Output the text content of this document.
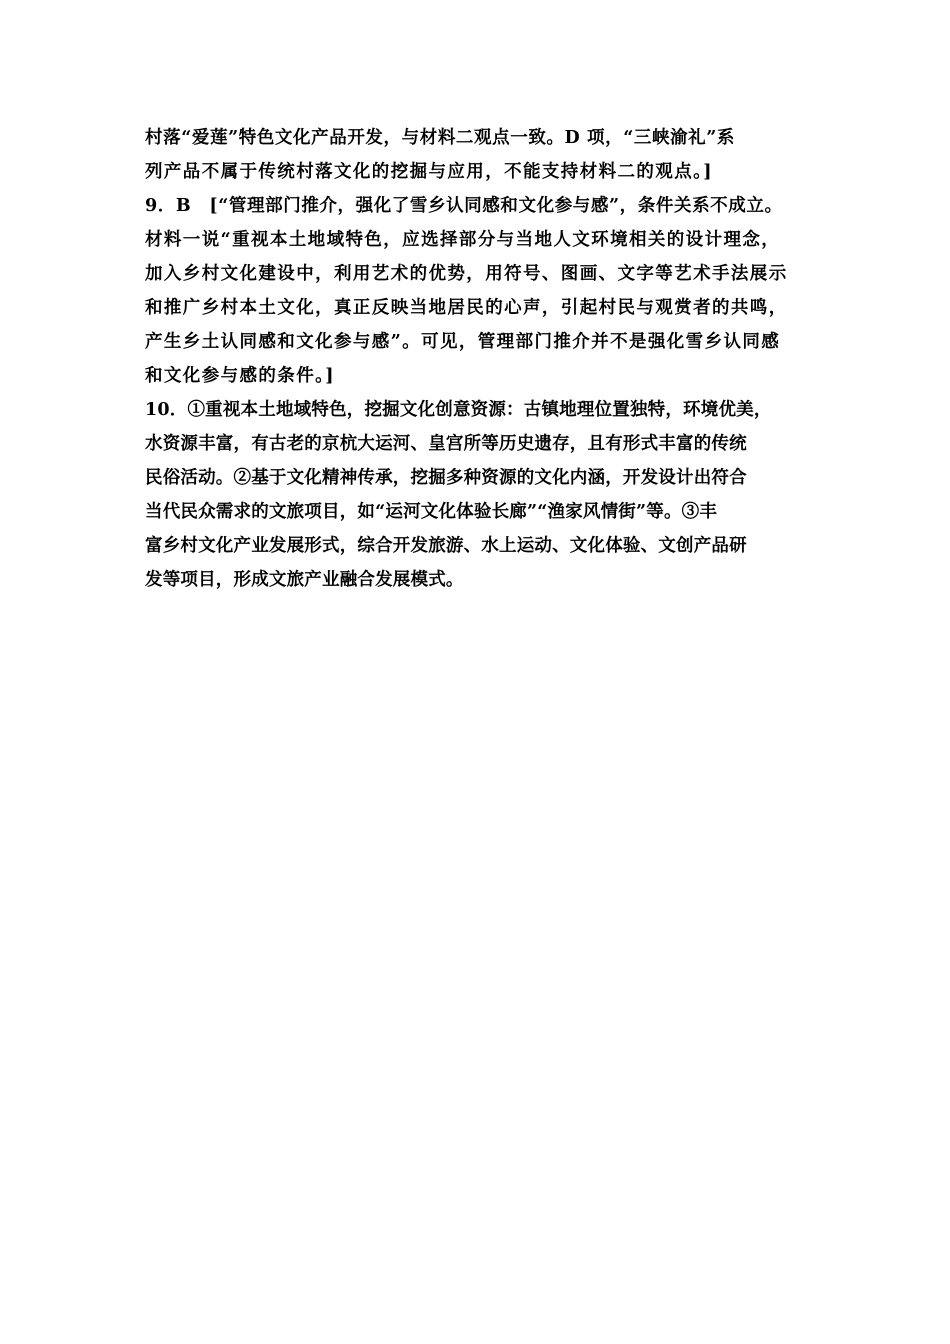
村落“爱莲”特色文化产品开发，与材料二观点一致。D 项，“三峡渝礼”系
列产品不属于传统村落文化的挖掘与应用，不能支持材料二的观点。]
9．B　[“管理部门推介，强化了雪乡认同感和文化参与感”，条件关系不成立。
材料一说“重视本土地域特色，应选择部分与当地人文环境相关的设计理念，
加入乡村文化建设中，利用艺术的优势，用符号、图画、文字等艺术手法展示
和推广乡村本土文化，真正反映当地居民的心声，引起村民与观赏者的共鸣，
产生乡土认同感和文化参与感”。可见，管理部门推介并不是强化雪乡认同感
和文化参与感的条件。]
10．①重视本土地域特色，挖掘文化创意资源：古镇地理位置独特，环境优美，
水资源丰富，有古老的京杭大运河、皇宫所等历史遗存，且有形式丰富的传统
民俗活动。②基于文化精神传承，挖掘多种资源的文化内涵，开发设计出符合
当代民众需求的文旅项目，如“运河文化体验长廊”“渔家风情街”等。③丰
富乡村文化产业发展形式，综合开发旅游、水上运动、文化体验、文创产品研
发等项目，形成文旅产业融合发展模式。
